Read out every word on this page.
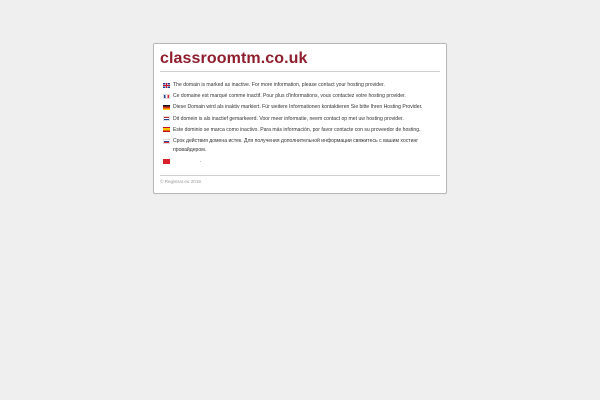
classroomtm.co.uk
The domain is marked as inactive. For more information, please contact your hosting provider.
Ce domaine est marqué comme inactif. Pour plus d'informations, vous contactez votre hosting provider.
Diese Domain wird als inaktiv markiert. Für weitere Informationen kontaktieren Sie bitte Ihren Hosting Provider.
Dit domein is als inactief gemarkeerd. Voor meer informatie, neem contact op met uw hosting provider.
Este dominio se marca como inactivo. Para más información, por favor contacte con su proveedor de hosting.
Срок действия домена истек. Для получения дополнительной информации свяжитесь с вашим хостинг провайдером.
.
© Registrar.eu 2018
